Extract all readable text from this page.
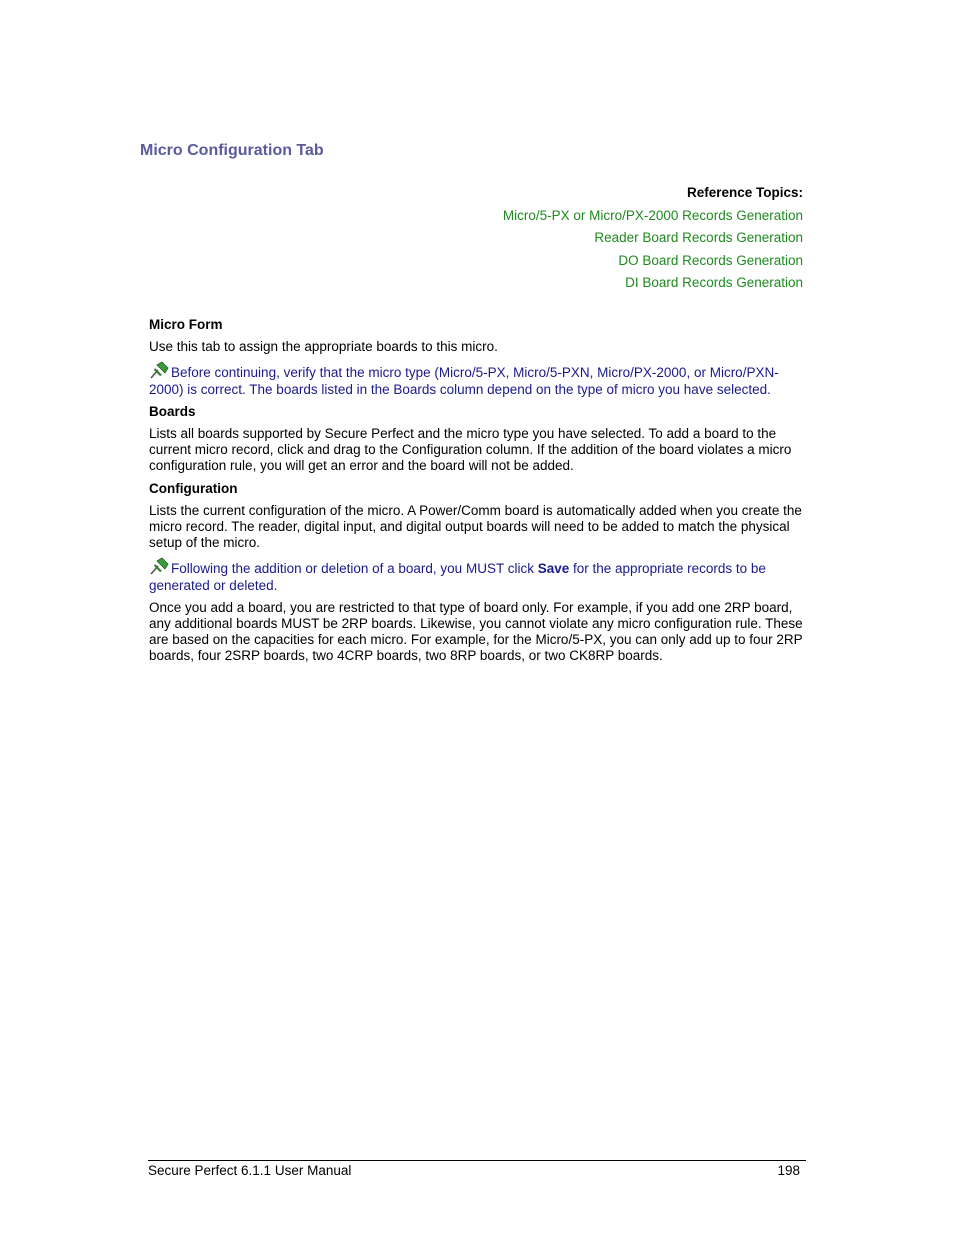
Micro Configuration Tab
Reference Topics:
Micro/5-PX or Micro/PX-2000 Records Generation
Reader Board Records Generation
DO Board Records Generation
DI Board Records Generation
Micro Form
Use this tab to assign the appropriate boards to this micro.
Before continuing, verify that the micro type (Micro/5-PX, Micro/5-PXN, Micro/PX-2000, or Micro/PXN-2000) is correct. The boards listed in the Boards column depend on the type of micro you have selected.
Boards
Lists all boards supported by Secure Perfect and the micro type you have selected. To add a board to the current micro record, click and drag to the Configuration column. If the addition of the board violates a micro configuration rule, you will get an error and the board will not be added.
Configuration
Lists the current configuration of the micro. A Power/Comm board is automatically added when you create the micro record. The reader, digital input, and digital output boards will need to be added to match the physical setup of the micro.
Following the addition or deletion of a board, you MUST click Save for the appropriate records to be generated or deleted.
Once you add a board, you are restricted to that type of board only. For example, if you add one 2RP board, any additional boards MUST be 2RP boards. Likewise, you cannot violate any micro configuration rule. These are based on the capacities for each micro. For example, for the Micro/5-PX, you can only add up to four 2RP boards, four 2SRP boards, two 4CRP boards, two 8RP boards, or two CK8RP boards.
Secure Perfect 6.1.1 User Manual	198
